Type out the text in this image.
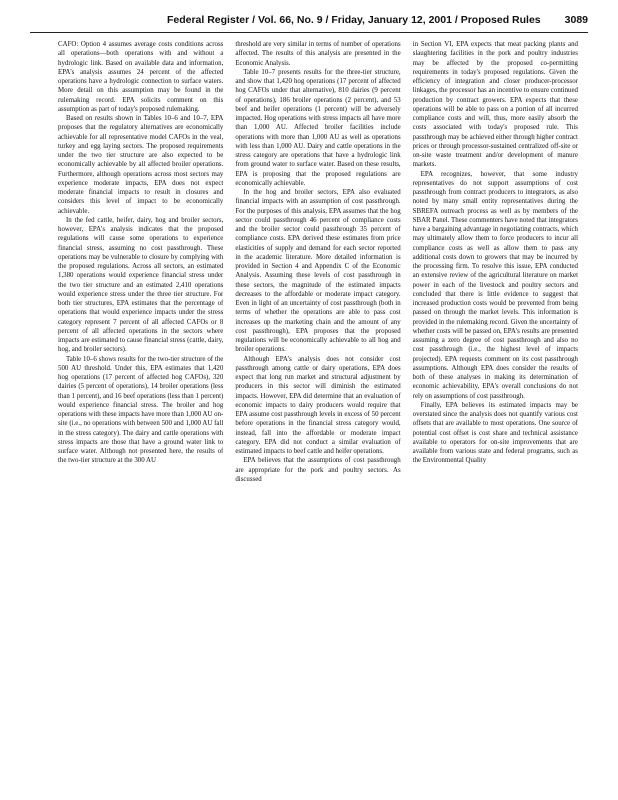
Federal Register / Vol. 66, No. 9 / Friday, January 12, 2001 / Proposed Rules 3089

CAFO: Option 4 assumes average costs conditions across all operations—both operations with and without a hydrologic link. Based on available data and information, EPA's analysis assumes 24 percent of the affected operations have a hydrologic connection to surface waters. More detail on this assumption may be found in the rulemaking record. EPA solicits comment on this assumption as part of today's proposed rulemaking.

Based on results shown in Tables 10–6 and 10–7, EPA proposes that the regulatory alternatives are economically achievable for all representative model CAFOs in the veal, turkey and egg laying sectors. The proposed requirements under the two tier structure are also expected to be economically achievable by all affected broiler operations. Furthermore, although operations across most sectors may experience moderate impacts, EPA does not expect moderate financial impacts to result in closures and considers this level of impact to be economically achievable.

In the fed cattle, heifer, dairy, hog and broiler sectors, however, EPA's analysis indicates that the proposed regulations will cause some operations to experience financial stress, assuming no cost passthrough. These operations may be vulnerable to closure by complying with the proposed regulations. Across all sectors, an estimated 1,380 operations would experience financial stress under the two tier structure and an estimated 2,410 operations would experience stress under the three tier structure. For both tier structures, EPA estimates that the percentage of operations that would experience impacts under the stress category represent 7 percent of all affected CAFOs or 8 percent of all affected operations in the sectors where impacts are estimated to cause financial stress (cattle, dairy, hog, and broiler sectors).

Table 10–6 shows results for the two-tier structure of the 500 AU threshold. Under this, EPA estimates that 1,420 hog operations (17 percent of affected hog CAFOs), 320 dairies (5 percent of operations), 14 broiler operations (less than 1 percent), and 16 beef operations (less than 1 percent) would experience financial stress. The broiler and hog operations with these impacts have more than 1,000 AU on-site (i.e., no operations with between 500 and 1,000 AU fall in the stress category). The dairy and cattle operations with stress impacts are those that have a ground water link to surface water. Although not presented here, the results of the two-tier structure at the 300 AU

threshold are very similar in terms of number of operations affected. The results of this analysis are presented in the Economic Analysis.

Table 10–7 presents results for the three-tier structure, and show that 1,420 hog operations (17 percent of affected hog CAFOs under that alternative), 810 dairies (9 percent of operations), 186 broiler operations (2 percent), and 53 beef and heifer operations (1 percent) will be adversely impacted. Hog operations with stress impacts all have more than 1,000 AU. Affected broiler facilities include operations with more than 1,000 AU as well as operations with less than 1,000 AU. Dairy and cattle operations in the stress category are operations that have a hydrologic link from ground water to surface water. Based on these results, EPA is proposing that the proposed regulations are economically achievable.

In the hog and broiler sectors, EPA also evaluated financial impacts with an assumption of cost passthrough. For the purposes of this analysis, EPA assumes that the hog sector could passthrough 46 percent of compliance costs and the broiler sector could passthrough 35 percent of compliance costs. EPA derived these estimates from price elasticities of supply and demand for each sector reported in the academic literature. More detailed information is provided in Section 4 and Appendix C of the Economic Analysis. Assuming these levels of cost passthrough in these sectors, the magnitude of the estimated impacts decreases to the affordable or moderate impact category. Even in light of an uncertainty of cost passthrough (both in terms of whether the operations are able to pass cost increases up the marketing chain and the amount of any cost passthrough), EPA proposes that the proposed regulations will be economically achievable to all hog and broiler operations.

Although EPA's analysis does not consider cost passthrough among cattle or dairy operations, EPA does expect that long run market and structural adjustment by producers in this sector will diminish the estimated impacts. However, EPA did determine that an evaluation of economic impacts to dairy producers would require that EPA assume cost passthrough levels in excess of 50 percent before operations in the financial stress category would, instead, fall into the affordable or moderate impact category. EPA did not conduct a similar evaluation of estimated impacts to beef cattle and heifer operations.

EPA believes that the assumptions of cost passthrough are appropriate for the pork and poultry sectors. As discussed

in Section VI, EPA expects that meat packing plants and slaughtering facilities in the pork and poultry industries may be affected by the proposed co-permitting requirements in today's proposed regulations. Given the efficiency of integration and closer producer-processor linkages, the processor has an incentive to ensure continued production by contract growers. EPA expects that these operations will be able to pass on a portion of all incurred compliance costs and will, thus, more easily absorb the costs associated with today's proposed rule. This passthrough may be achieved either through higher contract prices or through processor-sustained centralized off-site or on-site waste treatment and/or development of manure markets.

EPA recognizes, however, that some industry representatives do not support assumptions of cost passthrough from contract producers to integrators, as also noted by many small entity representatives during the SBREFA outreach process as well as by members of the SBAR Panel. These commenters have noted that integrators have a bargaining advantage in negotiating contracts, which may ultimately allow them to force producers to incur all compliance costs as well as allow them to pass any additional costs down to growers that may be incurred by the processing firm. To resolve this issue, EPA conducted an extensive review of the agricultural literature on market power in each of the livestock and poultry sectors and concluded that there is little evidence to suggest that increased production costs would be prevented from being passed on through the market levels. This information is provided in the rulemaking record. Given the uncertainty of whether costs will be passed on, EPA's results are presented assuming a zero degree of cost passthrough and also no cost passthrough (i.e., the highest level of impacts projected). EPA requests comment on its cost passthrough assumptions. Although EPA does consider the results of both of these analyses in making its determination of economic achievability, EPA's overall conclusions do not rely on assumptions of cost passthrough.

Finally, EPA believes its estimated impacts may be overstated since the analysis does not quantify various cost offsets that are available to most operations. One source of potential cost offset is cost share and technical assistance available to operators for on-site improvements that are available from various state and federal programs, such as the Environmental Quality
